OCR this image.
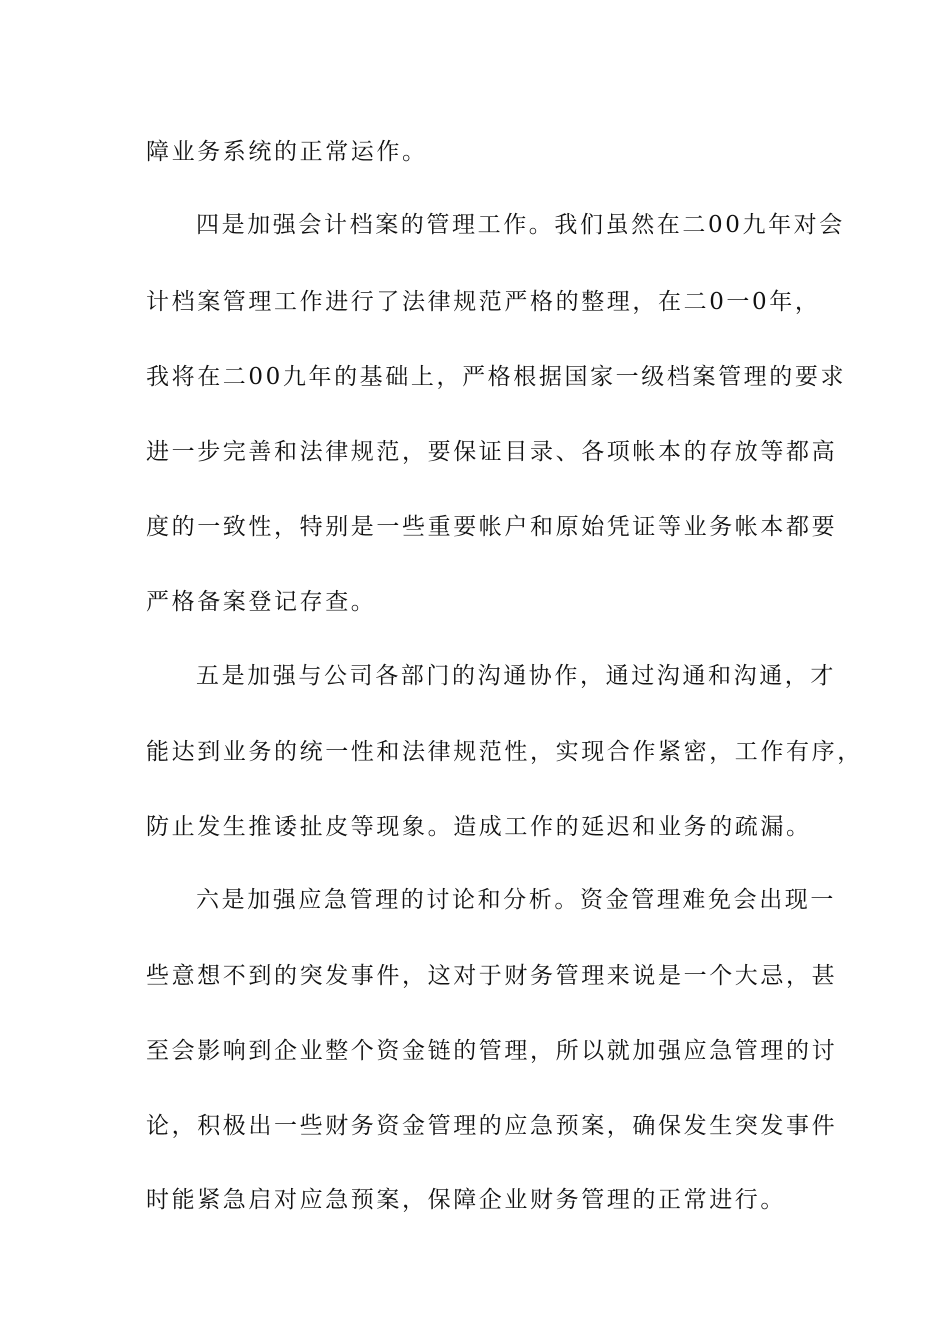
障业务系统的正常运作。
四是加强会计档案的管理工作。我们虽然在二00九年对会
计档案管理工作进行了法律规范严格的整理，在二0一0年，
我将在二00九年的基础上，严格根据国家一级档案管理的要求
进一步完善和法律规范，要保证目录、各项帐本的存放等都高
度的一致性，特别是一些重要帐户和原始凭证等业务帐本都要
严格备案登记存查。
五是加强与公司各部门的沟通协作，通过沟通和沟通，才
能达到业务的统一性和法律规范性，实现合作紧密，工作有序，
防止发生推诿扯皮等现象。造成工作的延迟和业务的疏漏。
六是加强应急管理的讨论和分析。资金管理难免会出现一
些意想不到的突发事件，这对于财务管理来说是一个大忌，甚
至会影响到企业整个资金链的管理，所以就加强应急管理的讨
论，积极出一些财务资金管理的应急预案，确保发生突发事件
时能紧急启对应急预案，保障企业财务管理的正常进行。
